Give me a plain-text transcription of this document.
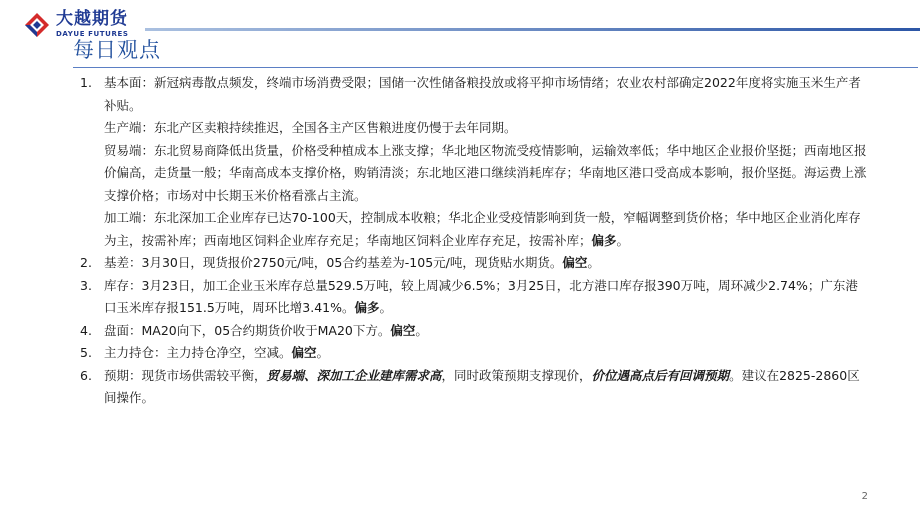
大越期货
DAYUE FUTURES
每日观点
1. 基本面：新冠病毒散点频发，终端市场消费受限；国储一次性储备粮投放或将平抑市场情绪；农业农村部确定2022年度将实施玉米生产者补贴。
生产端：东北产区卖粮持续推迟，全国各主产区售粮进度仍慢于去年同期。
贸易端：东北贸易商降低出货量，价格受种植成本上涨支撑；华北地区物流受疫情影响，运输效率低；华中地区企业报价坚挺；西南地区报价偏高，走货量一般；华南高成本支撑价格，购销清淡；东北地区港口继续消耗库存；华南地区港口受高成本影响，报价坚挺。海运费上涨支撑价格；市场对中长期玉米价格看涨占主流。
加工端：东北深加工企业库存已达70-100天，控制成本收粮；华北企业受疫情影响到货一般，窄幅调整到货价格；华中地区企业消化库存为主，按需补库；西南地区饲料企业库存充足；华南地区饲料企业库存充足，按需补库；偏多。
2. 基差：3月30日，现货报价2750元/吨，05合约基差为-105元/吨，现货贴水期货。偏空。
3. 库存：3月23日，加工企业玉米库存总量529.5万吨，较上周减少6.5%；3月25日，北方港口库存报390万吨，周环减少2.74%；广东港口玉米库存报151.5万吨，周环比增3.41%。偏多。
4. 盘面：MA20向下，05合约期货价收于MA20下方。偏空。
5. 主力持仓：主力持仓净空，空减。偏空。
6. 预期：现货市场供需较平衡，贸易端、深加工企业建库需求高，同时政策预期支撑现价，价位遇高点后有回调预期。建议在2825-2860区间操作。
2
